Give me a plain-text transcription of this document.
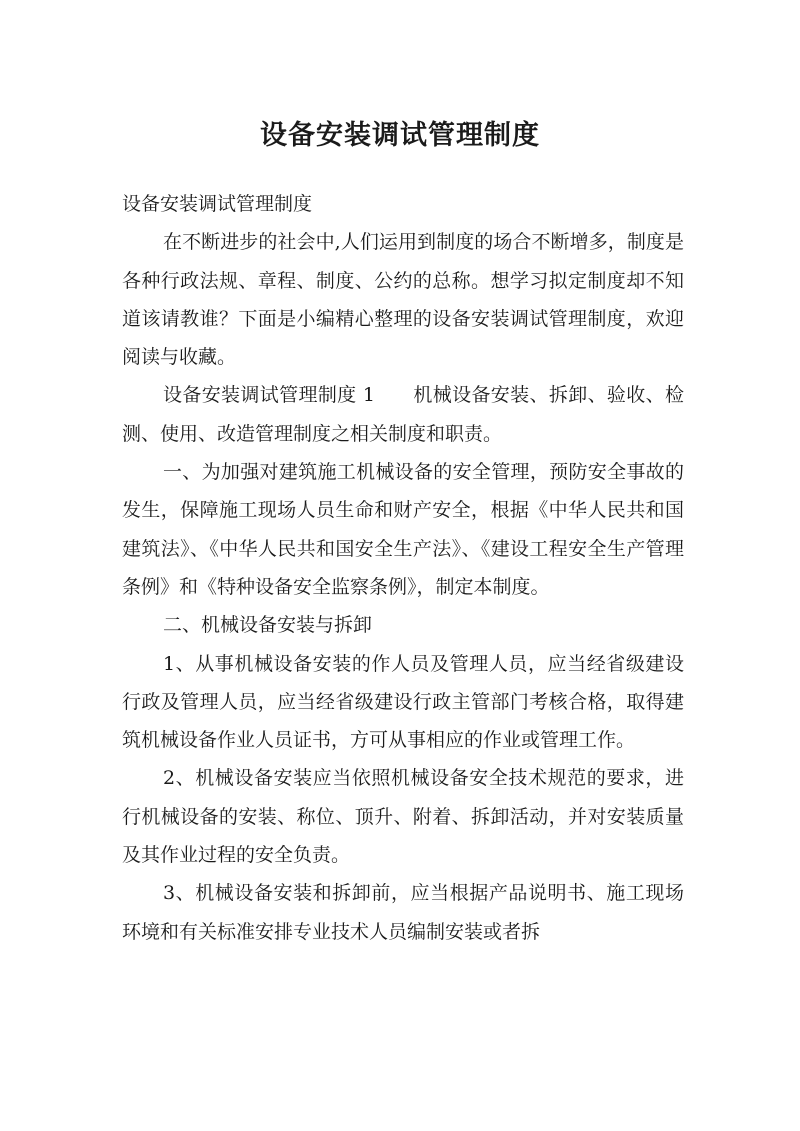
设备安装调试管理制度

设备安装调试管理制度

在不断进步的社会中,人们运用到制度的场合不断增多，制度是各种行政法规、章程、制度、公约的总称。想学习拟定制度却不知道该请教谁？下面是小编精心整理的设备安装调试管理制度，欢迎阅读与收藏。

设备安装调试管理制度 1 机械设备安装、拆卸、验收、检测、使用、改造管理制度之相关制度和职责。

一、为加强对建筑施工机械设备的安全管理，预防安全事故的发生，保障施工现场人员生命和财产安全，根据《中华人民共和国建筑法》、《中华人民共和国安全生产法》、《建设工程安全生产管理条例》和《特种设备安全监察条例》，制定本制度。

二、机械设备安装与拆卸

1、从事机械设备安装的作人员及管理人员，应当经省级建设行政及管理人员，应当经省级建设行政主管部门考核合格，取得建筑机械设备作业人员证书，方可从事相应的作业或管理工作。

2、机械设备安装应当依照机械设备安全技术规范的要求，进行机械设备的安装、称位、顶升、附着、拆卸活动，并对安装质量及其作业过程的安全负责。

3、机械设备安装和拆卸前，应当根据产品说明书、施工现场环境和有关标准安排专业技术人员编制安装或者拆
